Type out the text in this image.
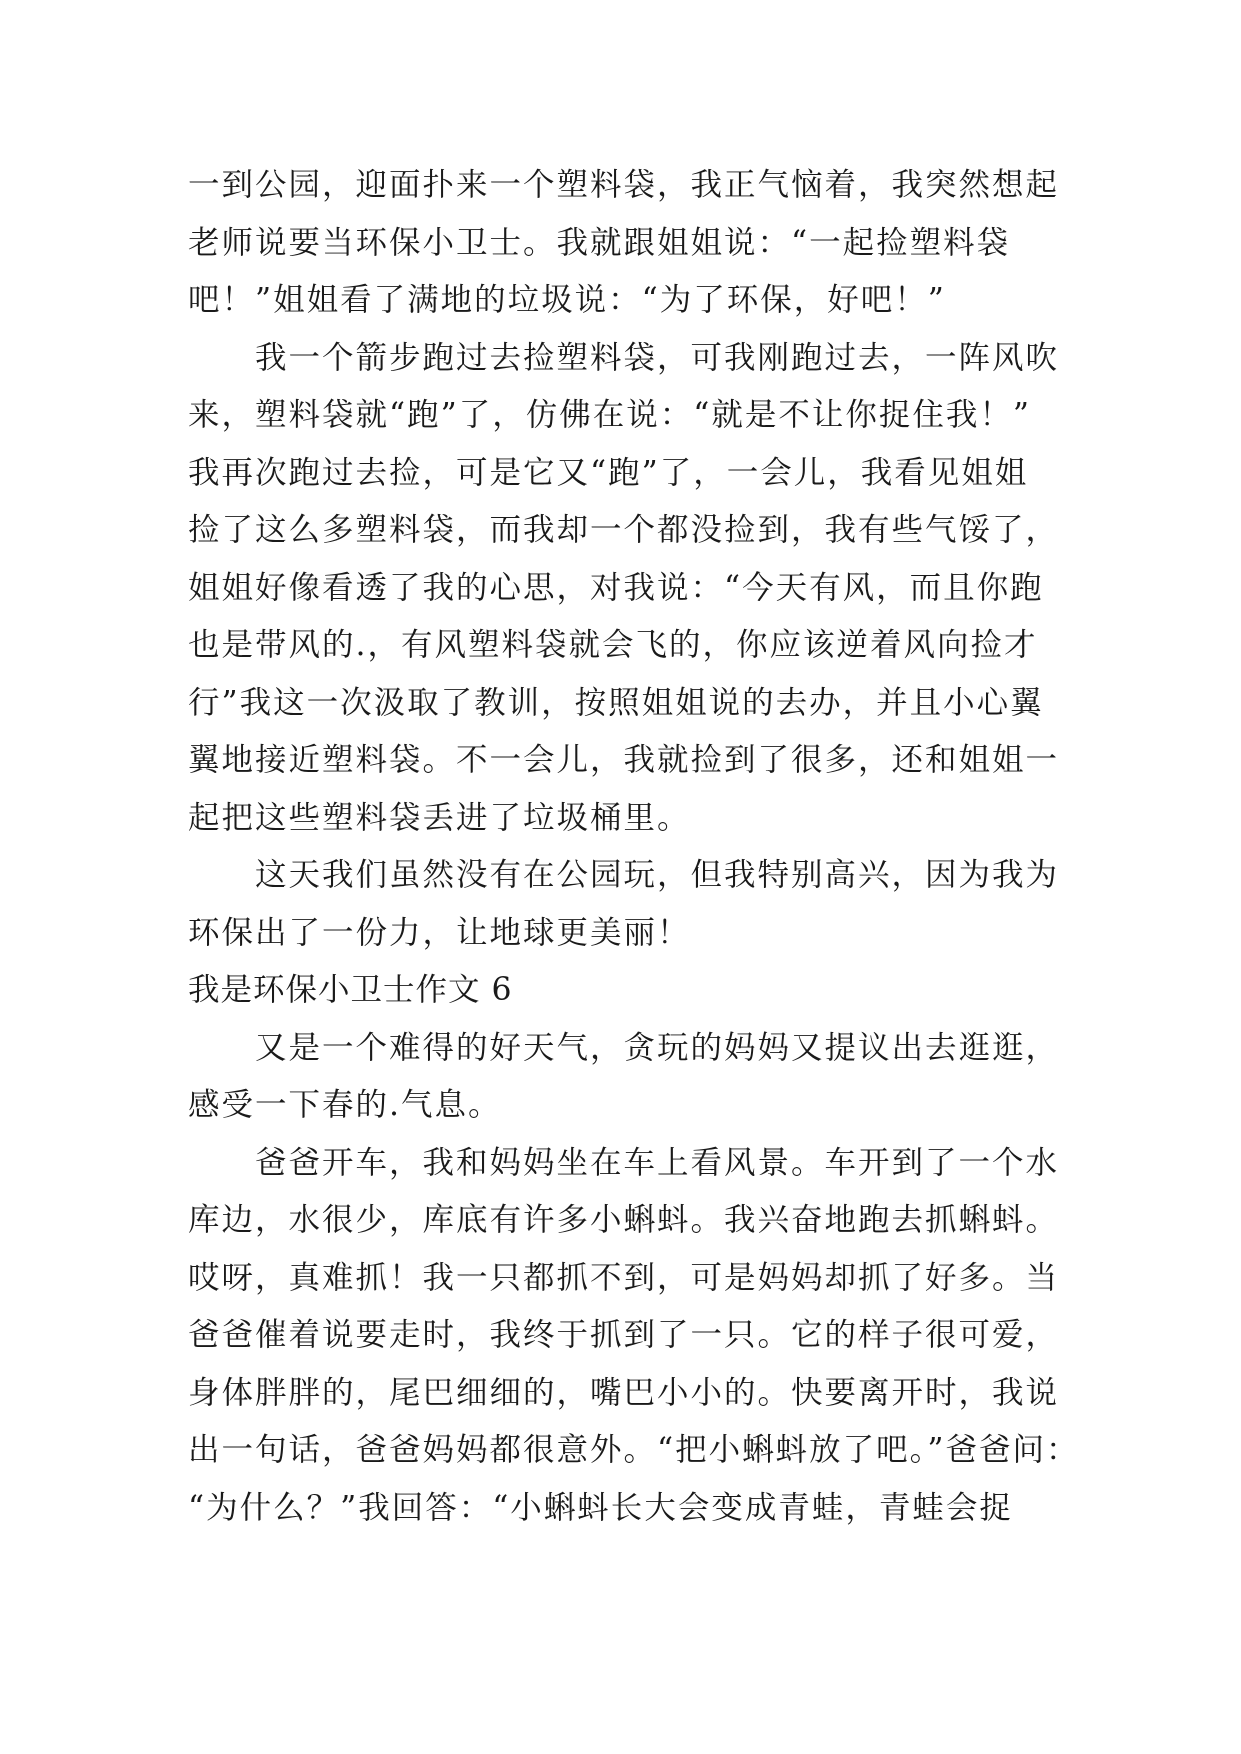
一到公园，迎面扑来一个塑料袋，我正气恼着，我突然想起
老师说要当环保小卫士。我就跟姐姐说：“一起捡塑料袋
吧！”姐姐看了满地的垃圾说：“为了环保，好吧！”
　　我一个箭步跑过去捡塑料袋，可我刚跑过去，一阵风吹
来，塑料袋就“跑”了，仿佛在说：“就是不让你捉住我！”
我再次跑过去捡，可是它又“跑”了，一会儿，我看见姐姐
捡了这么多塑料袋，而我却一个都没捡到，我有些气馁了，
姐姐好像看透了我的心思，对我说：“今天有风，而且你跑
也是带风的.，有风塑料袋就会飞的，你应该逆着风向捡才
行”我这一次汲取了教训，按照姐姐说的去办，并且小心翼
翼地接近塑料袋。不一会儿，我就捡到了很多，还和姐姐一
起把这些塑料袋丢进了垃圾桶里。
　　这天我们虽然没有在公园玩，但我特别高兴，因为我为
环保出了一份力，让地球更美丽！
我是环保小卫士作文 6
　　又是一个难得的好天气，贪玩的妈妈又提议出去逛逛，
感受一下春的.气息。
　　爸爸开车，我和妈妈坐在车上看风景。车开到了一个水
库边，水很少，库底有许多小蝌蚪。我兴奋地跑去抓蝌蚪。
哎呀，真难抓！我一只都抓不到，可是妈妈却抓了好多。当
爸爸催着说要走时，我终于抓到了一只。它的样子很可爱，
身体胖胖的，尾巴细细的，嘴巴小小的。快要离开时，我说
出一句话，爸爸妈妈都很意外。“把小蝌蚪放了吧。”爸爸问：
“为什么？”我回答：“小蝌蚪长大会变成青蛙，青蛙会捉
